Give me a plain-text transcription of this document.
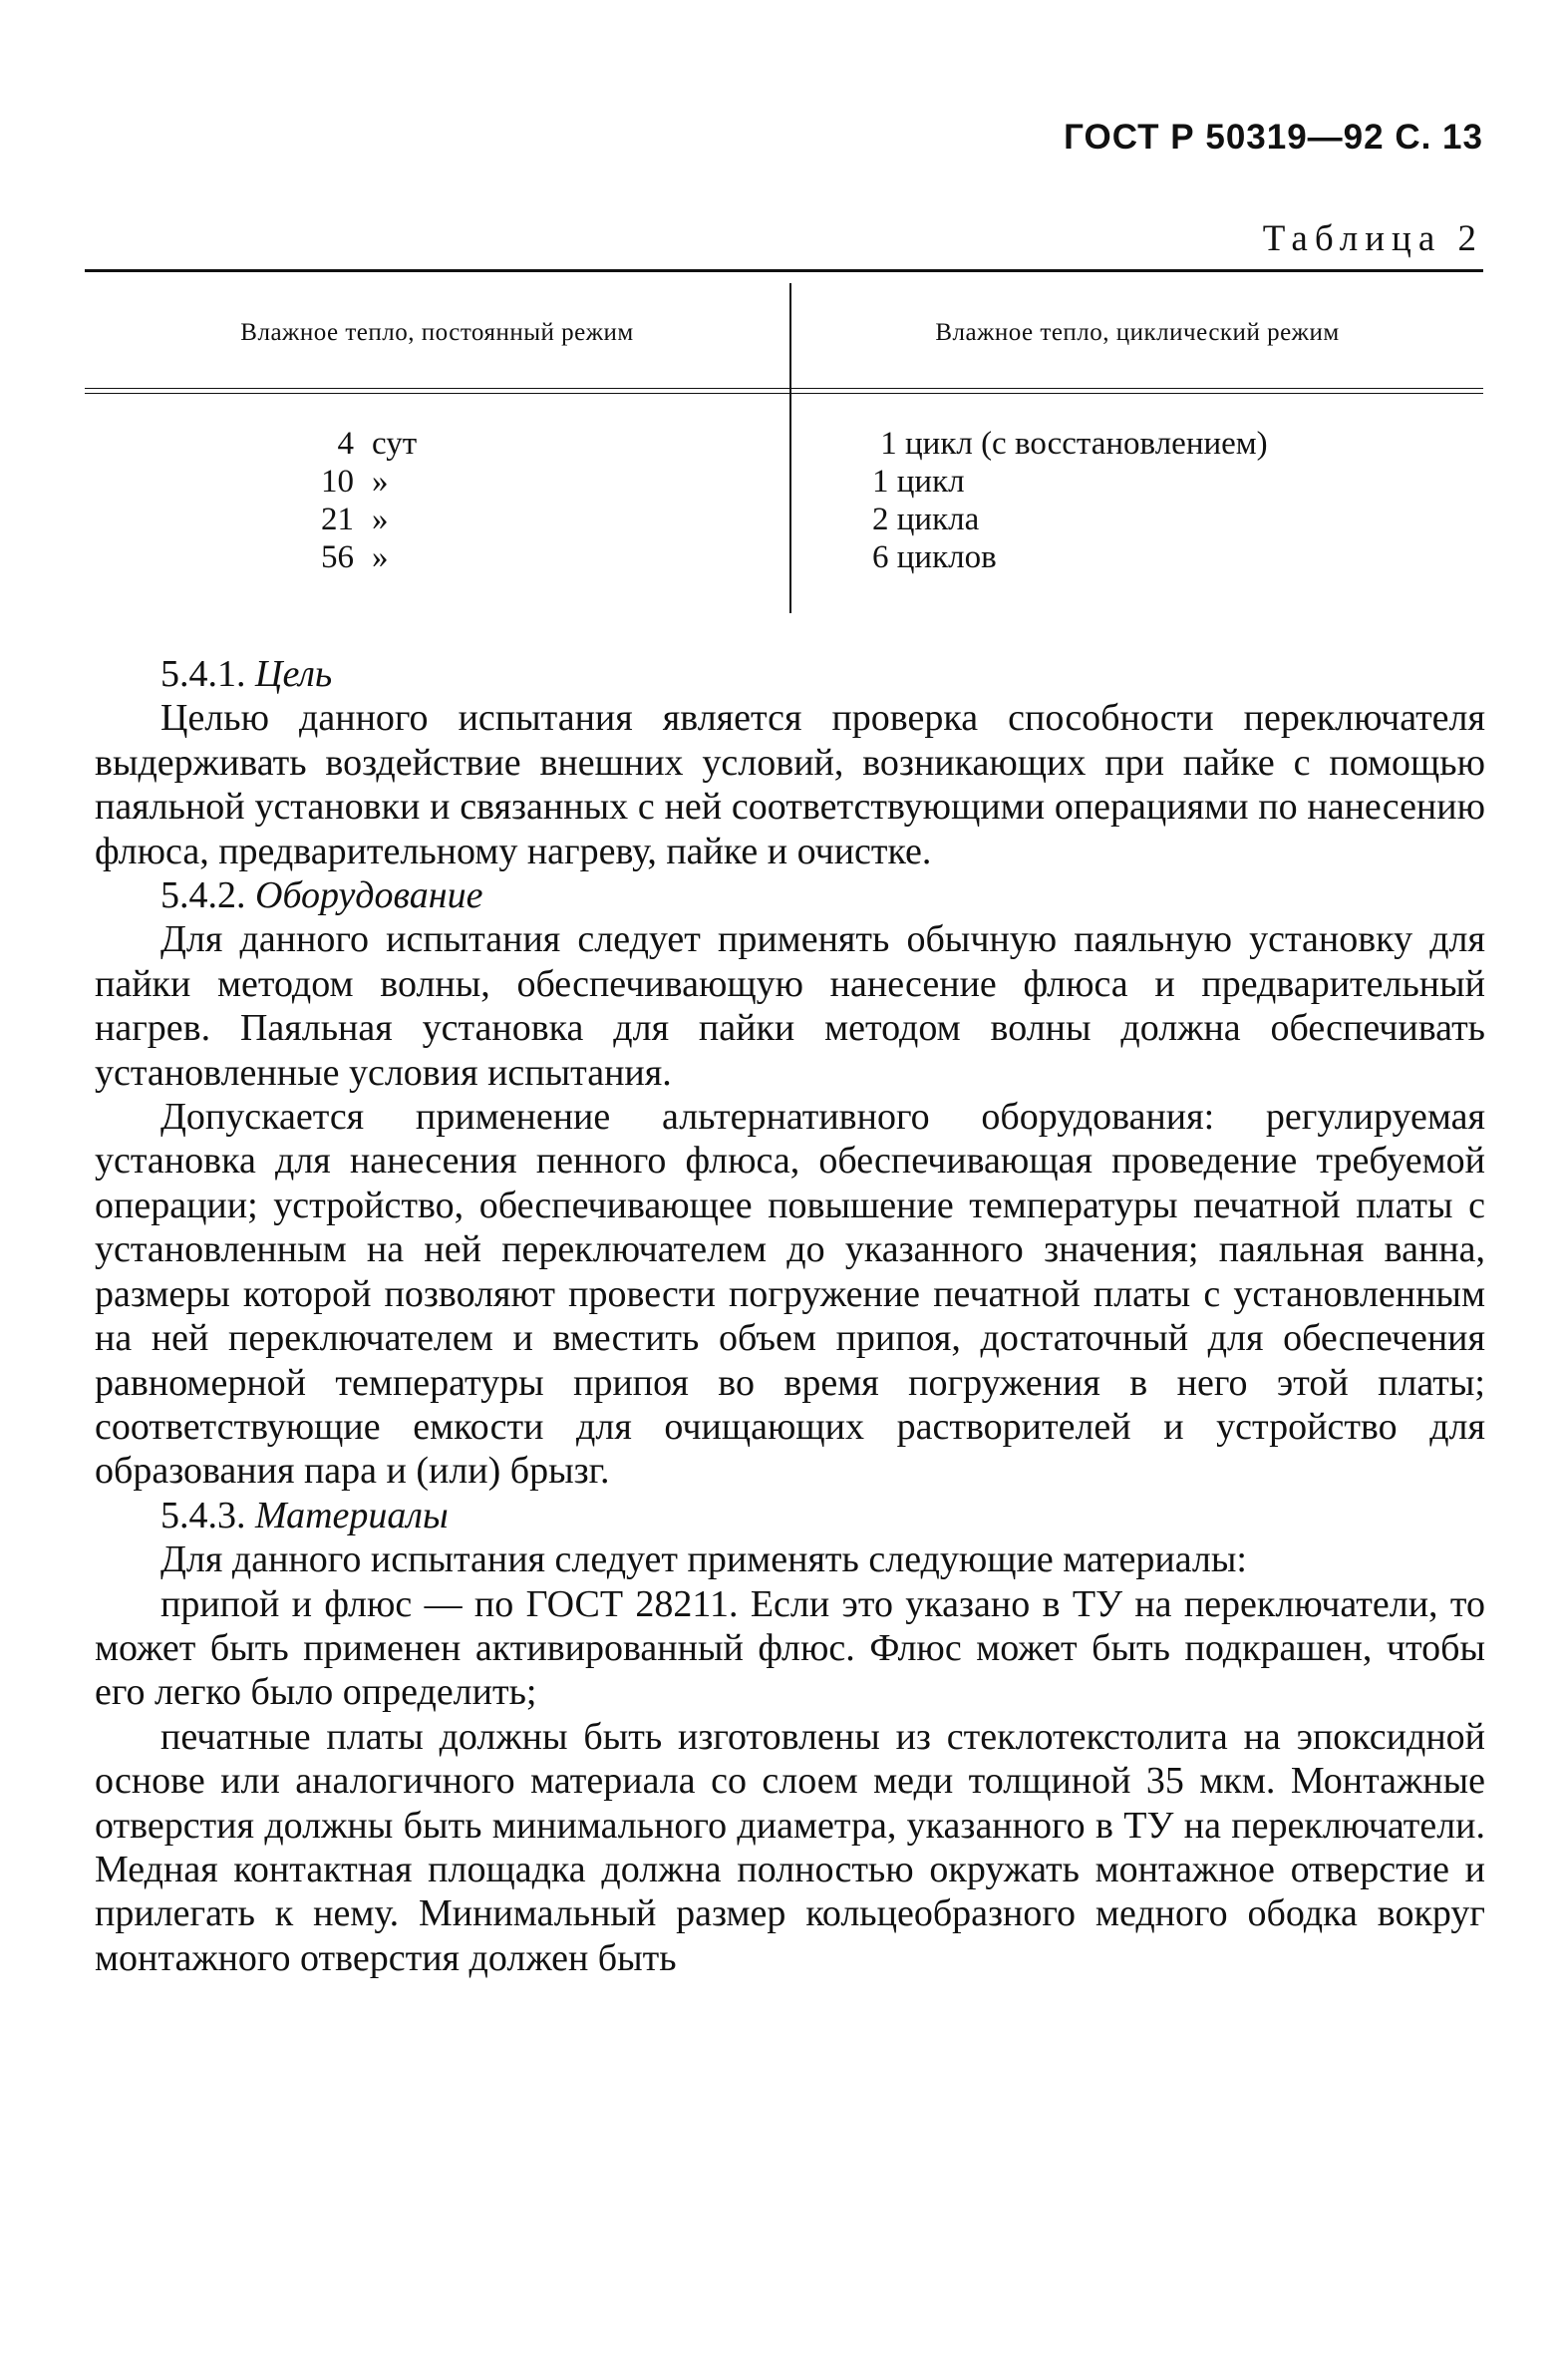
ГОСТ Р 50319—92 С. 13
Таблица 2
Влажное тепло, постоянный режим	Влажное тепло, циклический режим
4 сут
10 »
21 »
56 »
1 цикл (с восстановлением)
1 цикл
2 цикла
6 циклов
5.4.1. Цель

Целью данного испытания является проверка способности переключателя выдерживать воздействие внешних условий, возникающих при пайке с помощью паяльной установки и связанных с ней соответствующими операциями по нанесению флюса, предварительному нагреву, пайке и очистке.

5.4.2. Оборудование

Для данного испытания следует применять обычную паяльную установку для пайки методом волны, обеспечивающую нанесение флюса и предварительный нагрев. Паяльная установка для пайки методом волны должна обеспечивать установленные условия испытания.

Допускается применение альтернативного оборудования: регулируемая установка для нанесения пенного флюса, обеспечивающая проведение требуемой операции; устройство, обеспечивающее повышение температуры печатной платы с установленным на ней переключателем до указанного значения; паяльная ванна, размеры которой позволяют провести погружение печатной платы с установленным на ней переключателем и вместить объем припоя, достаточный для обеспечения равномерной температуры припоя во время погружения в него этой платы; соответствующие емкости для очищающих растворителей и устройство для образования пара и (или) брызг.

5.4.3. Материалы

Для данного испытания следует применять следующие материалы:

припой и флюс — по ГОСТ 28211. Если это указано в ТУ на переключатели, то может быть применен активированный флюс. Флюс может быть подкрашен, чтобы его легко было определить;

печатные платы должны быть изготовлены из стеклотекстолита на эпоксидной основе или аналогичного материала со слоем меди толщиной 35 мкм. Монтажные отверстия должны быть минимального диаметра, указанного в ТУ на переключатели. Медная контактная площадка должна полностью окружать монтажное отверстие и прилегать к нему. Минимальный размер кольцеобразного медного ободка вокруг монтажного отверстия должен быть
